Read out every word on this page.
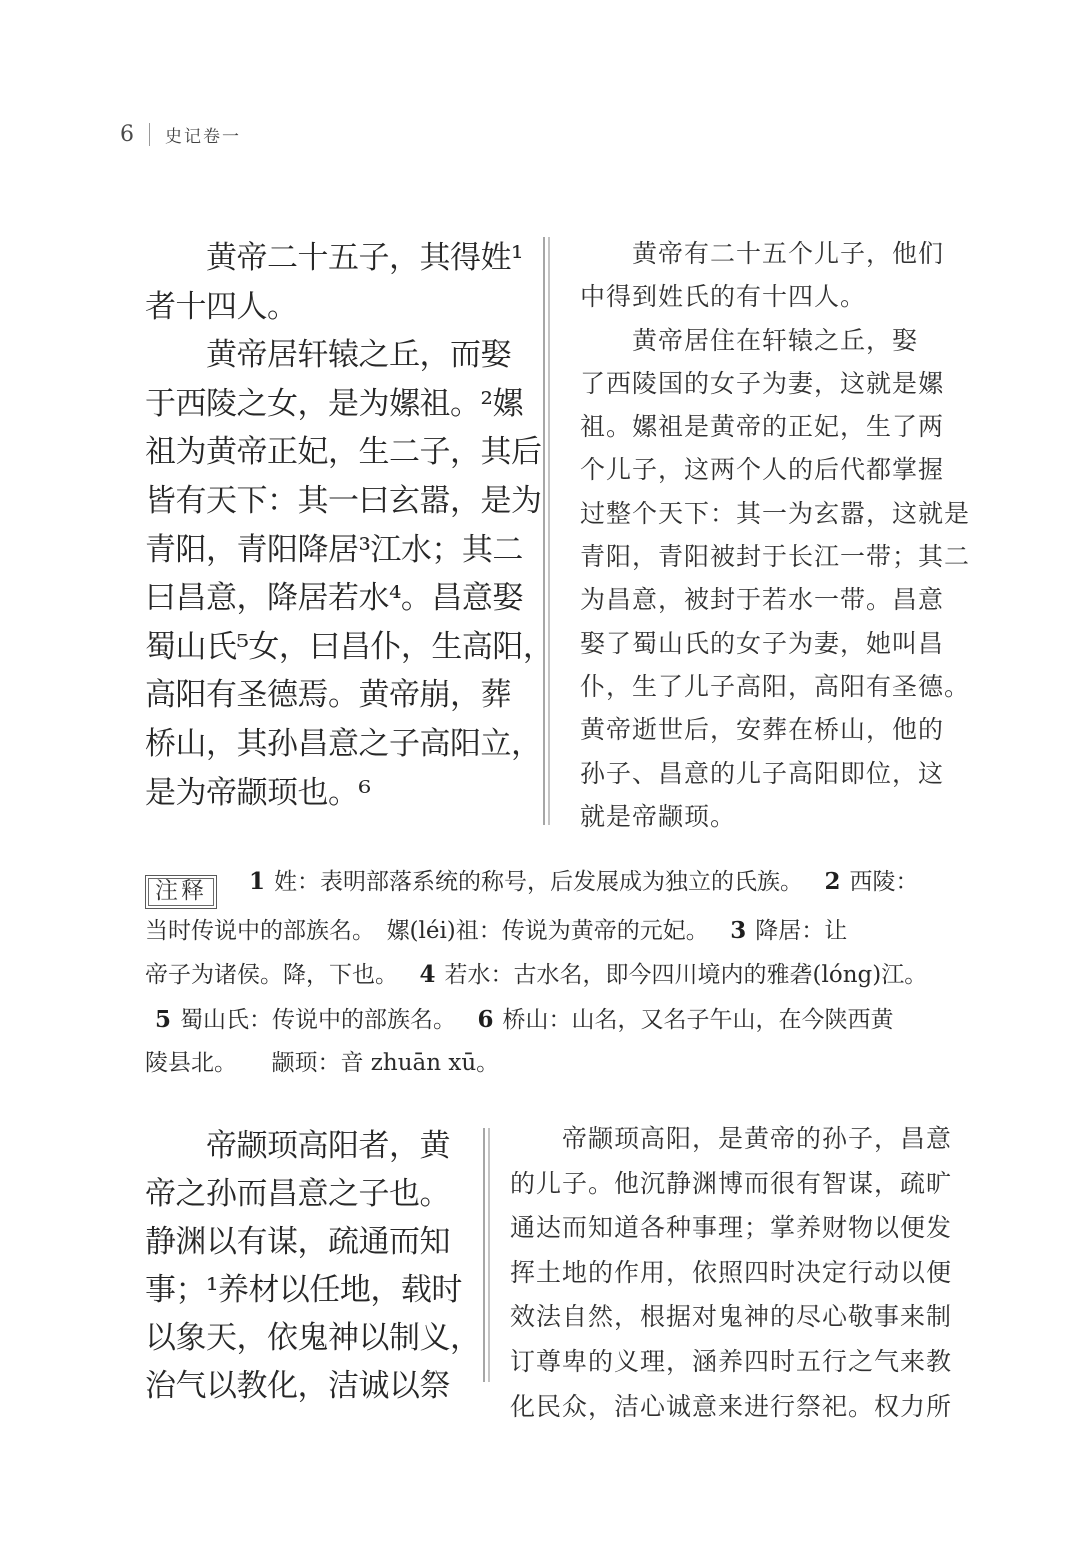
6 史记卷一
　　黄帝二十五子，其得姓¹
者十四人。
　　黄帝居轩辕之丘，而娶
于西陵之女，是为嫘祖。²嫘
祖为黄帝正妃，生二子，其后
皆有天下：其一曰玄嚣，是为
青阳，青阳降居³江水；其二
曰昌意，降居若水⁴。昌意娶
蜀山氏⁵女，曰昌仆，生高阳，
高阳有圣德焉。黄帝崩，葬
桥山，其孙昌意之子高阳立，
是为帝颛顼也。⁶
　　黄帝有二十五个儿子，他们
中得到姓氏的有十四人。
　　黄帝居住在轩辕之丘，娶
了西陵国的女子为妻，这就是嫘
祖。嫘祖是黄帝的正妃，生了两
个儿子，这两个人的后代都掌握
过整个天下：其一为玄嚣，这就是
青阳，青阳被封于长江一带；其二
为昌意，被封于若水一带。昌意
娶了蜀山氏的女子为妻，她叫昌
仆，生了儿子高阳，高阳有圣德。
黄帝逝世后，安葬在桥山，他的
孙子、昌意的儿子高阳即位，这
就是帝颛顼。
注释 1 姓：表明部落系统的称号，后发展成为独立的氏族。　2 西陵：
当时传说中的部族名。　嫘(léi)祖：传说为黄帝的元妃。　3 降居：让
帝子为诸侯。降，下也。　4 若水：古水名，即今四川境内的雅砻(lóng)江。
5 蜀山氏：传说中的部族名。　6 桥山：山名，又名子午山，在今陕西黄
陵县北。　　颛顼：音 zhuān xū。
　　帝颛顼高阳者，黄
帝之孙而昌意之子也。
静渊以有谋，疏通而知
事；¹养材以任地，载时
以象天，依鬼神以制义，
治气以教化，洁诚以祭
　　帝颛顼高阳，是黄帝的孙子，昌意
的儿子。他沉静渊博而很有智谋，疏旷
通达而知道各种事理；掌养财物以便发
挥土地的作用，依照四时决定行动以便
效法自然，根据对鬼神的尽心敬事来制
订尊卑的义理，涵养四时五行之气来教
化民众，洁心诚意来进行祭祀。权力所
